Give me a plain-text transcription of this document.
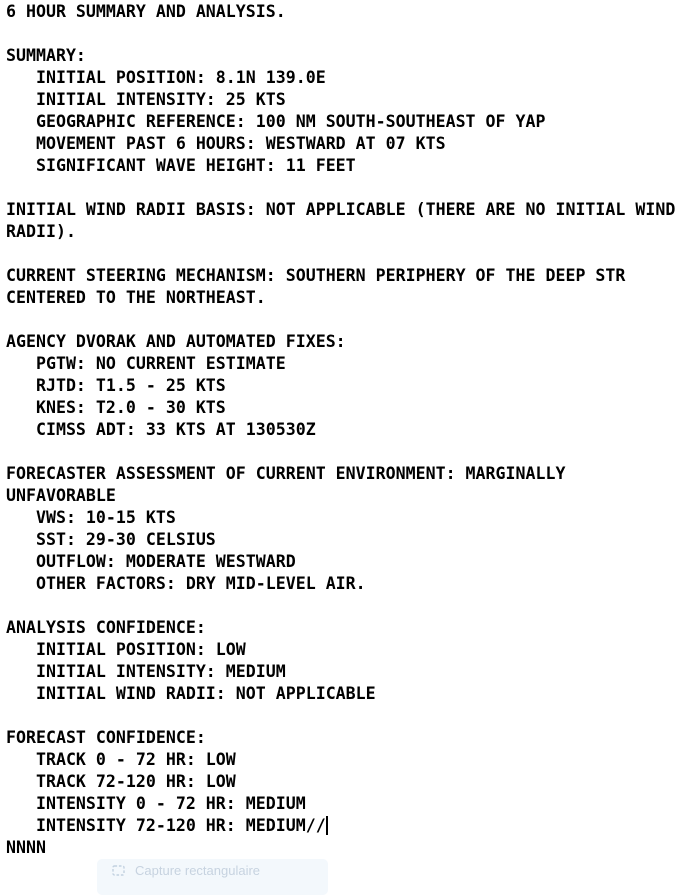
6 HOUR SUMMARY AND ANALYSIS.
SUMMARY:
INITIAL POSITION: 8.1N 139.0E
INITIAL INTENSITY: 25 KTS
GEOGRAPHIC REFERENCE: 100 NM SOUTH-SOUTHEAST OF YAP
MOVEMENT PAST 6 HOURS: WESTWARD AT 07 KTS
SIGNIFICANT WAVE HEIGHT: 11 FEET
INITIAL WIND RADII BASIS: NOT APPLICABLE (THERE ARE NO INITIAL WIND
RADII).
CURRENT STEERING MECHANISM: SOUTHERN PERIPHERY OF THE DEEP STR
CENTERED TO THE NORTHEAST.
AGENCY DVORAK AND AUTOMATED FIXES:
PGTW: NO CURRENT ESTIMATE
RJTD: T1.5 - 25 KTS
KNES: T2.0 - 30 KTS
CIMSS ADT: 33 KTS AT 130530Z
FORECASTER ASSESSMENT OF CURRENT ENVIRONMENT: MARGINALLY
UNFAVORABLE
VWS: 10-15 KTS
SST: 29-30 CELSIUS
OUTFLOW: MODERATE WESTWARD
OTHER FACTORS: DRY MID-LEVEL AIR.
ANALYSIS CONFIDENCE:
INITIAL POSITION: LOW
INITIAL INTENSITY: MEDIUM
INITIAL WIND RADII: NOT APPLICABLE
FORECAST CONFIDENCE:
TRACK 0 - 72 HR: LOW
TRACK 72-120 HR: LOW
INTENSITY 0 - 72 HR: MEDIUM
INTENSITY 72-120 HR: MEDIUM//
NNNN
Capture rectangulaire
